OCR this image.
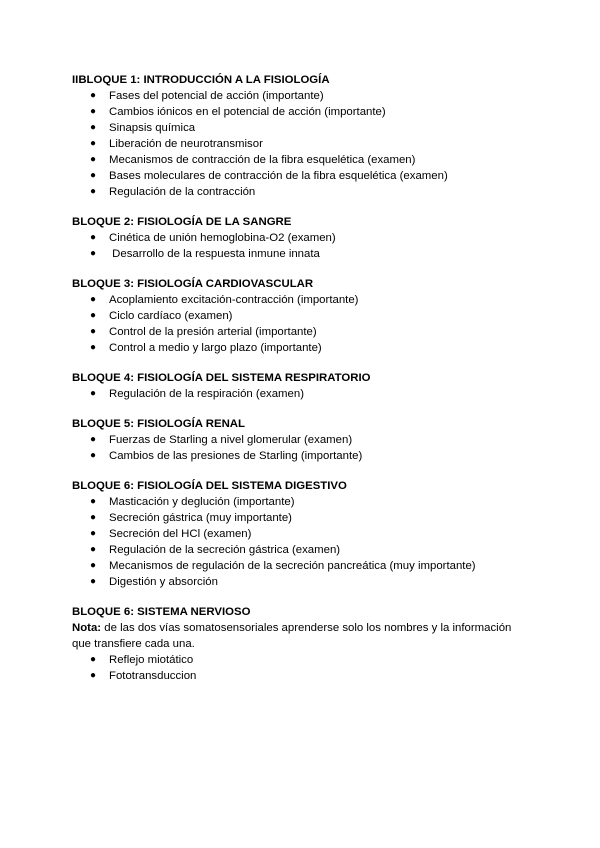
IIBLOQUE 1: INTRODUCCIÓN A LA FISIOLOGÍA
● Fases del potencial de acción (importante)
● Cambios iónicos en el potencial de acción (importante)
● Sinapsis química
● Liberación de neurotransmisor
● Mecanismos de contracción de la fibra esquelética (examen)
● Bases moleculares de contracción de la fibra esquelética (examen)
● Regulación de la contracción
BLOQUE 2: FISIOLOGÍA DE LA SANGRE
● Cinética de unión hemoglobina-O2 (examen)
● Desarrollo de la respuesta inmune innata
BLOQUE 3: FISIOLOGÍA CARDIOVASCULAR
● Acoplamiento excitación-contracción (importante)
● Ciclo cardíaco (examen)
● Control de la presión arterial (importante)
● Control a medio y largo plazo (importante)
BLOQUE 4: FISIOLOGÍA DEL SISTEMA RESPIRATORIO
● Regulación de la respiración (examen)
BLOQUE 5: FISIOLOGÍA RENAL
● Fuerzas de Starling a nivel glomerular (examen)
● Cambios de las presiones de Starling (importante)
BLOQUE 6: FISIOLOGÍA DEL SISTEMA DIGESTIVO
● Masticación y deglución (importante)
● Secreción gástrica (muy importante)
● Secreción del HCl (examen)
● Regulación de la secreción gástrica (examen)
● Mecanismos de regulación de la secreción pancreática (muy importante)
● Digestión y absorción
BLOQUE 6: SISTEMA NERVIOSO

Nota: de las dos vías somatosensoriales aprenderse solo los nombres y la información que transfiere cada una.

● Reflejo miotático
● Fototransduccion
